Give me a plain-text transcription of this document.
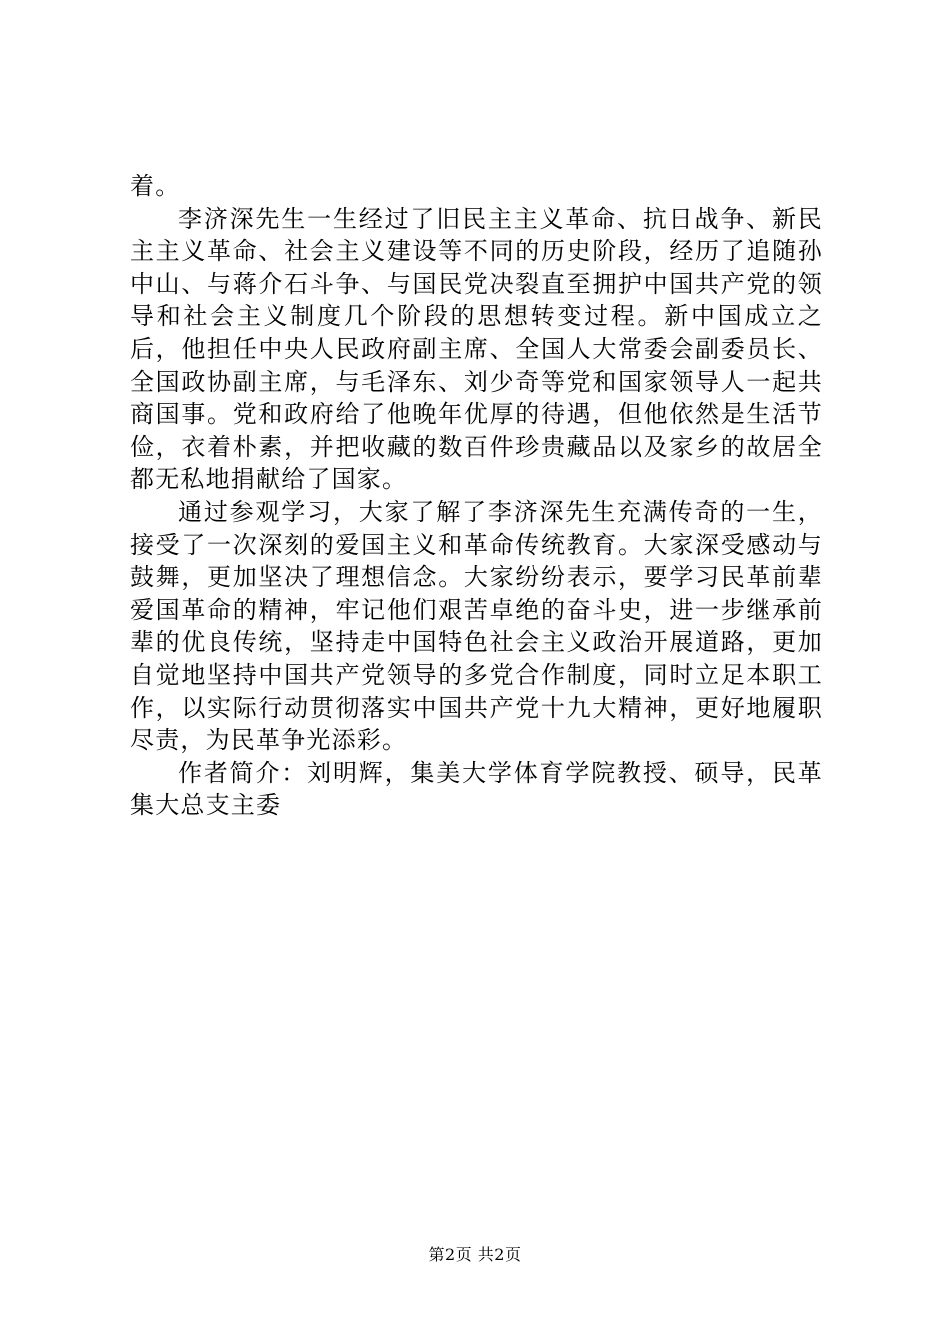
着。

李济深先生一生经过了旧民主主义革命、抗日战争、新民主主义革命、社会主义建设等不同的历史阶段，经历了追随孙中山、与蒋介石斗争、与国民党决裂直至拥护中国共产党的领导和社会主义制度几个阶段的思想转变过程。新中国成立之后，他担任中央人民政府副主席、全国人大常委会副委员长、全国政协副主席，与毛泽东、刘少奇等党和国家领导人一起共商国事。党和政府给了他晚年优厚的待遇，但他依然是生活节俭，衣着朴素，并把收藏的数百件珍贵藏品以及家乡的故居全都无私地捐献给了国家。

通过参观学习，大家了解了李济深先生充满传奇的一生，接受了一次深刻的爱国主义和革命传统教育。大家深受感动与鼓舞，更加坚决了理想信念。大家纷纷表示，要学习民革前辈爱国革命的精神，牢记他们艰苦卓绝的奋斗史，进一步继承前辈的优良传统，坚持走中国特色社会主义政治开展道路，更加自觉地坚持中国共产党领导的多党合作制度，同时立足本职工作，以实际行动贯彻落实中国共产党十九大精神，更好地履职尽责，为民革争光添彩。

作者简介：刘明辉，集美大学体育学院教授、硕导，民革集大总支主委

第2页 共2页
